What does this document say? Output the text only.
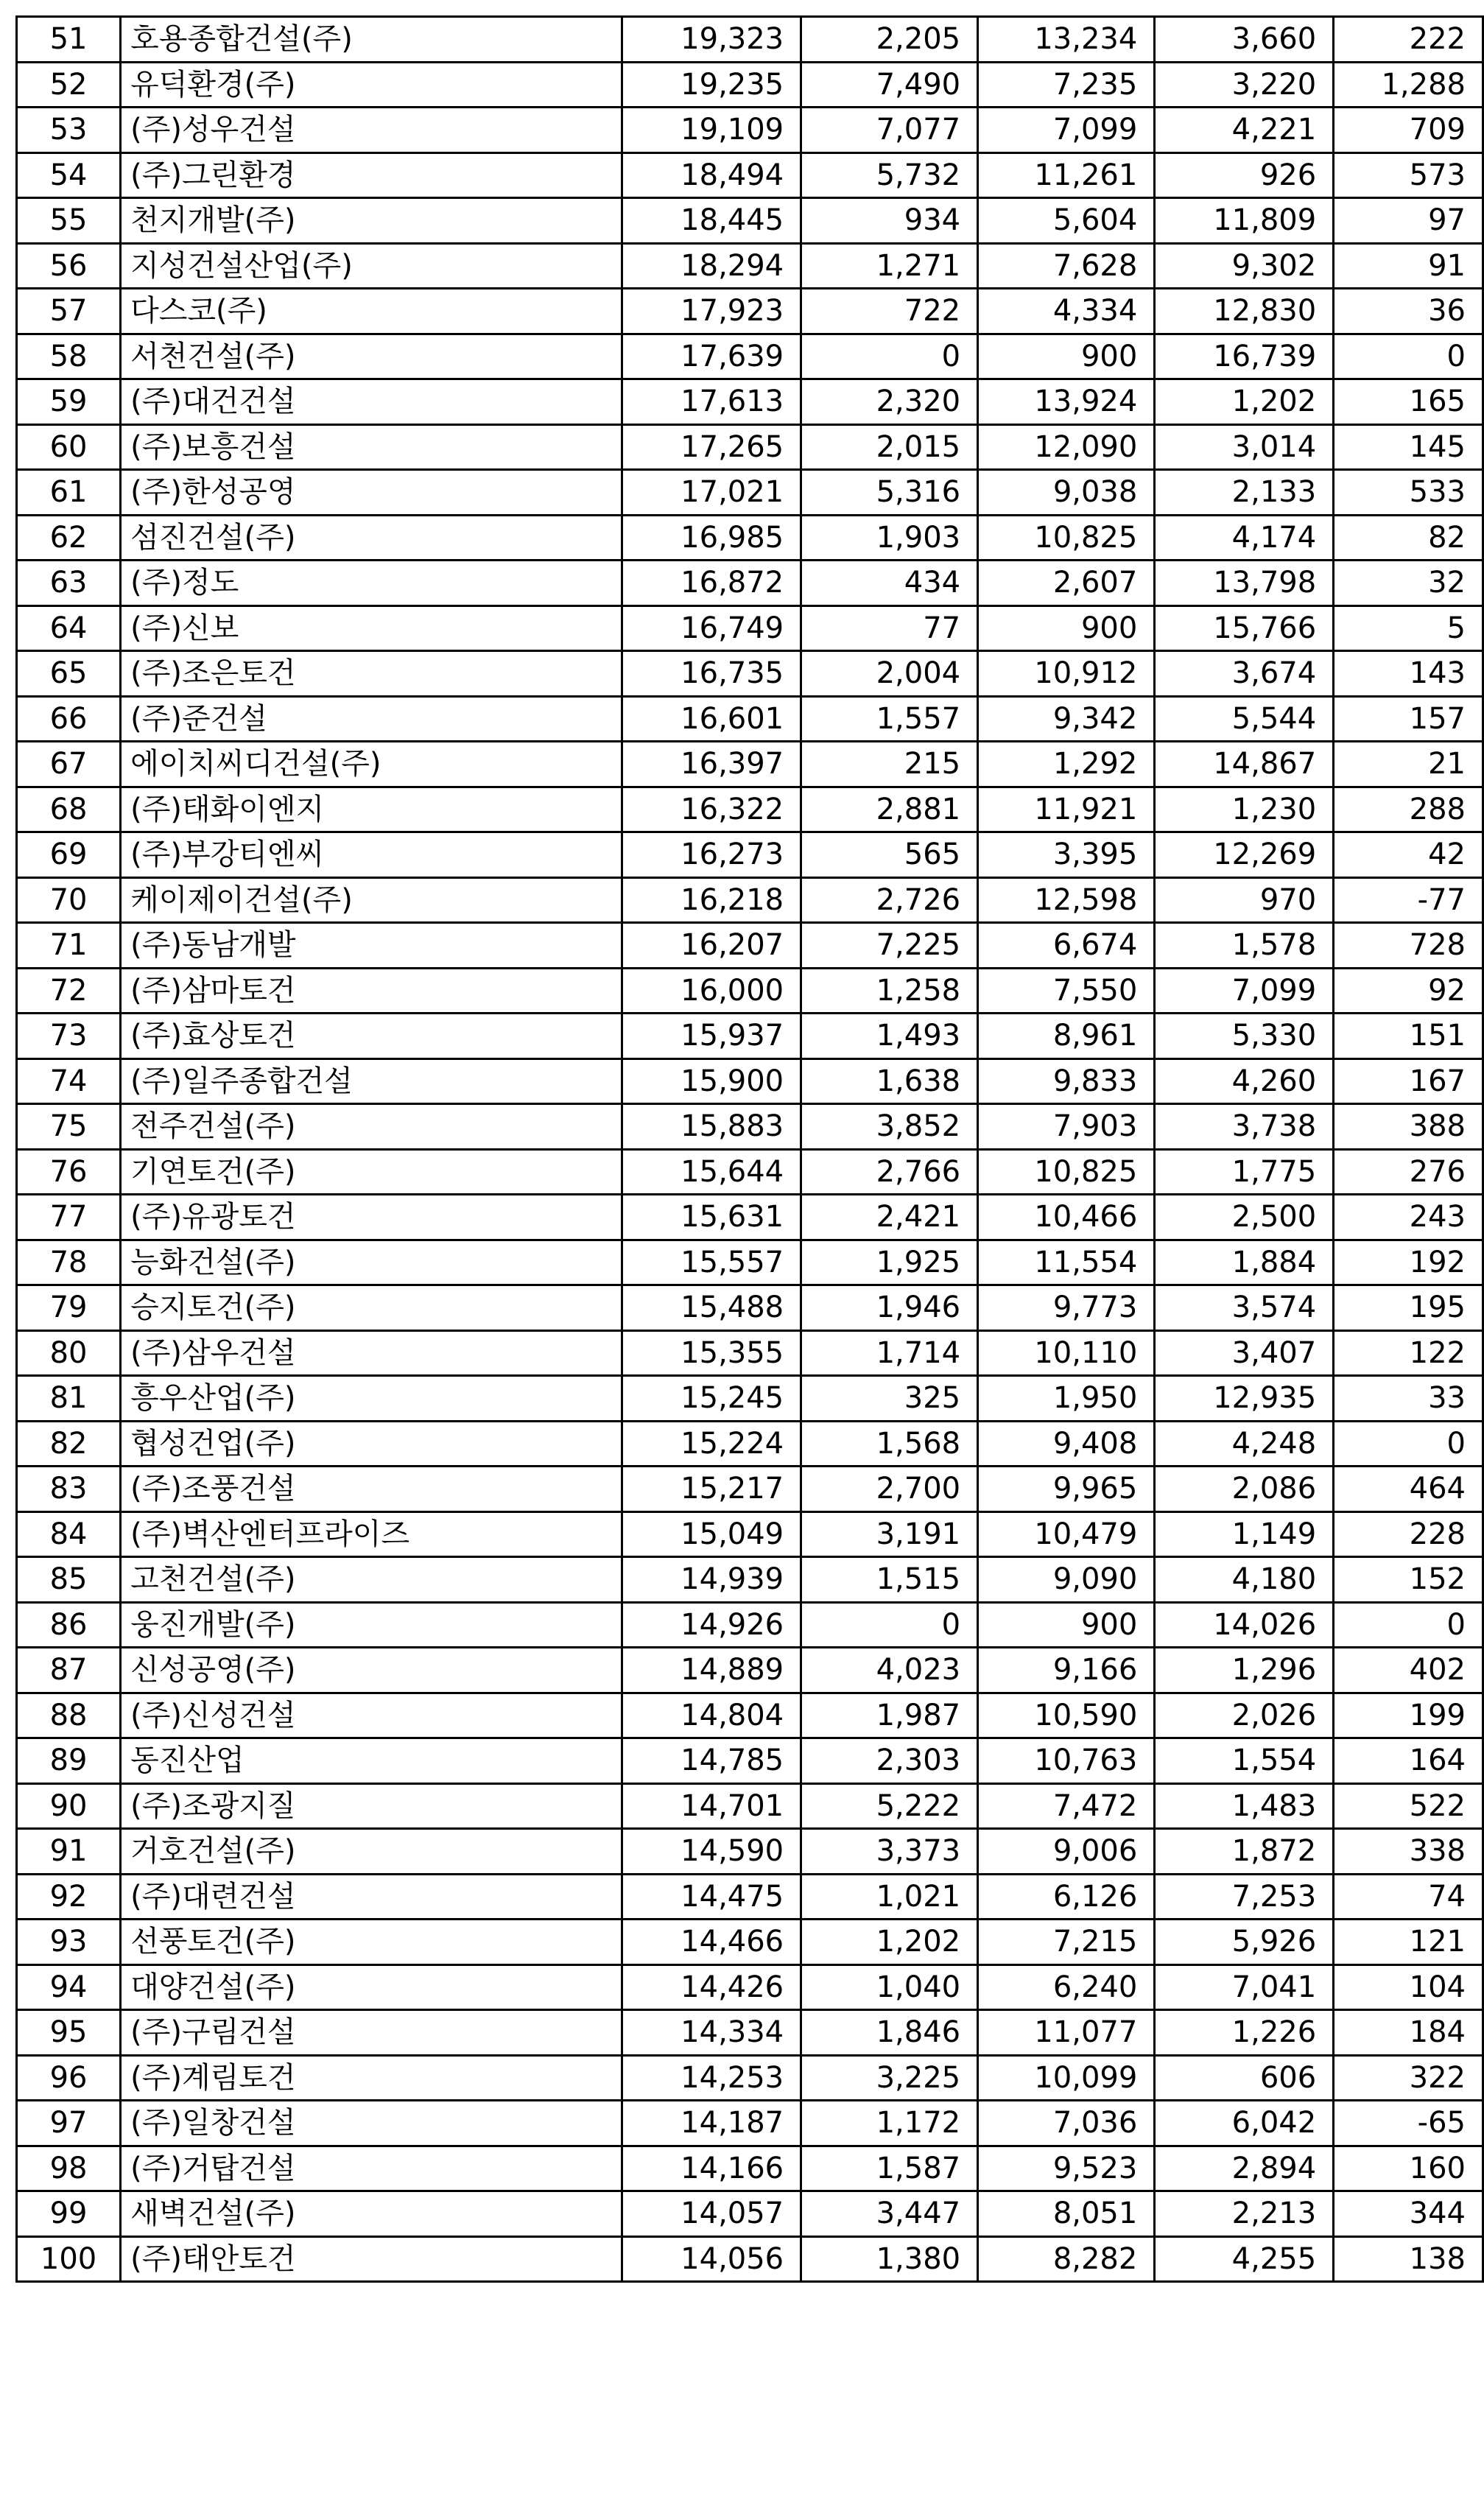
51	호용종합건설(주)	19,323	2,205	13,234	3,660	222
52	유덕환경(주)	19,235	7,490	7,235	3,220	1,288
53	(주)성우건설	19,109	7,077	7,099	4,221	709
54	(주)그린환경	18,494	5,732	11,261	926	573
55	천지개발(주)	18,445	934	5,604	11,809	97
56	지성건설산업(주)	18,294	1,271	7,628	9,302	91
57	다스코(주)	17,923	722	4,334	12,830	36
58	서천건설(주)	17,639	0	900	16,739	0
59	(주)대건건설	17,613	2,320	13,924	1,202	165
60	(주)보흥건설	17,265	2,015	12,090	3,014	145
61	(주)한성공영	17,021	5,316	9,038	2,133	533
62	섬진건설(주)	16,985	1,903	10,825	4,174	82
63	(주)정도	16,872	434	2,607	13,798	32
64	(주)신보	16,749	77	900	15,766	5
65	(주)조은토건	16,735	2,004	10,912	3,674	143
66	(주)준건설	16,601	1,557	9,342	5,544	157
67	에이치씨디건설(주)	16,397	215	1,292	14,867	21
68	(주)태화이엔지	16,322	2,881	11,921	1,230	288
69	(주)부강티엔씨	16,273	565	3,395	12,269	42
70	케이제이건설(주)	16,218	2,726	12,598	970	-77
71	(주)동남개발	16,207	7,225	6,674	1,578	728
72	(주)삼마토건	16,000	1,258	7,550	7,099	92
73	(주)효상토건	15,937	1,493	8,961	5,330	151
74	(주)일주종합건설	15,900	1,638	9,833	4,260	167
75	전주건설(주)	15,883	3,852	7,903	3,738	388
76	기연토건(주)	15,644	2,766	10,825	1,775	276
77	(주)유광토건	15,631	2,421	10,466	2,500	243
78	능화건설(주)	15,557	1,925	11,554	1,884	192
79	승지토건(주)	15,488	1,946	9,773	3,574	195
80	(주)삼우건설	15,355	1,714	10,110	3,407	122
81	흥우산업(주)	15,245	325	1,950	12,935	33
82	협성건업(주)	15,224	1,568	9,408	4,248	0
83	(주)조풍건설	15,217	2,700	9,965	2,086	464
84	(주)벽산엔터프라이즈	15,049	3,191	10,479	1,149	228
85	고천건설(주)	14,939	1,515	9,090	4,180	152
86	웅진개발(주)	14,926	0	900	14,026	0
87	신성공영(주)	14,889	4,023	9,166	1,296	402
88	(주)신성건설	14,804	1,987	10,590	2,026	199
89	동진산업	14,785	2,303	10,763	1,554	164
90	(주)조광지질	14,701	5,222	7,472	1,483	522
91	거호건설(주)	14,590	3,373	9,006	1,872	338
92	(주)대련건설	14,475	1,021	6,126	7,253	74
93	선풍토건(주)	14,466	1,202	7,215	5,926	121
94	대양건설(주)	14,426	1,040	6,240	7,041	104
95	(주)구림건설	14,334	1,846	11,077	1,226	184
96	(주)계림토건	14,253	3,225	10,099	606	322
97	(주)일창건설	14,187	1,172	7,036	6,042	-65
98	(주)거탑건설	14,166	1,587	9,523	2,894	160
99	새벽건설(주)	14,057	3,447	8,051	2,213	344
100	(주)태안토건	14,056	1,380	8,282	4,255	138
